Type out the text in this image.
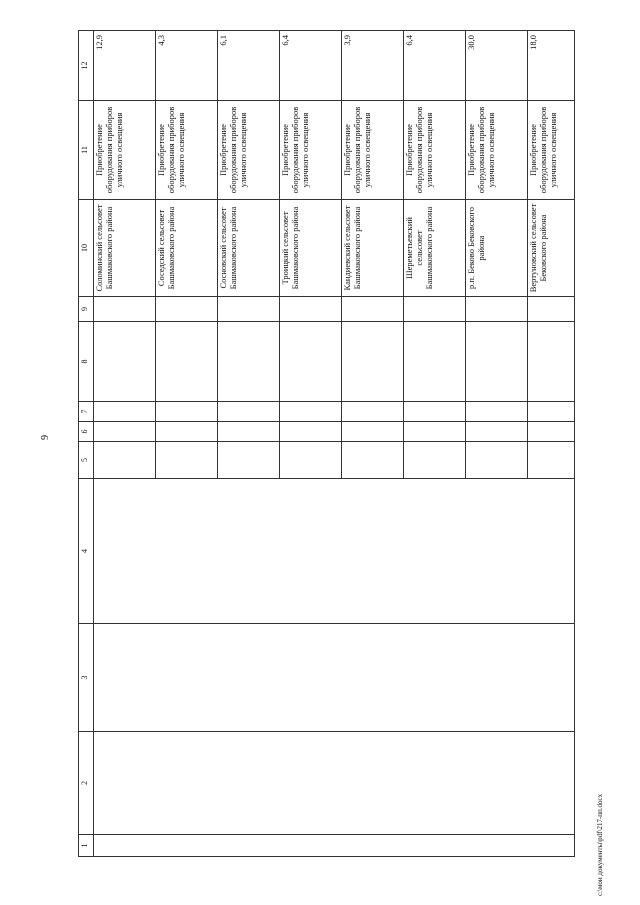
9
1	2	3	4	5	6	7	8	9	10	11	12
									Соломинский сельсовет Башмаковского района	Приобретение оборудования приборов уличного освещения	12,9
									Соседский сельсовет Башмаковского района	Приобретение оборудования приборов уличного освещения	4,3
									Сосновский сельсовет Башмаковского района	Приобретение оборудования приборов уличного освещения	6,1
									Троицкий сельсовет Башмаковского района	Приобретение оборудования приборов уличного освещения	6,4
									Кандиевский сельсовет Башмаковского района	Приобретение оборудования приборов уличного освещения	3,9
									Шереметьевский сельсовет Башмаковского района	Приобретение оборудования приборов уличного освещения	6,4
									р.п. Беково Бековского района	Приобретение оборудования приборов уличного освещения	30,0
									Вертуновский сельсовет Бековского района	Приобретение оборудования приборов уличного освещения	18,0
c:\мои документы\pdf\217-пп.docx
